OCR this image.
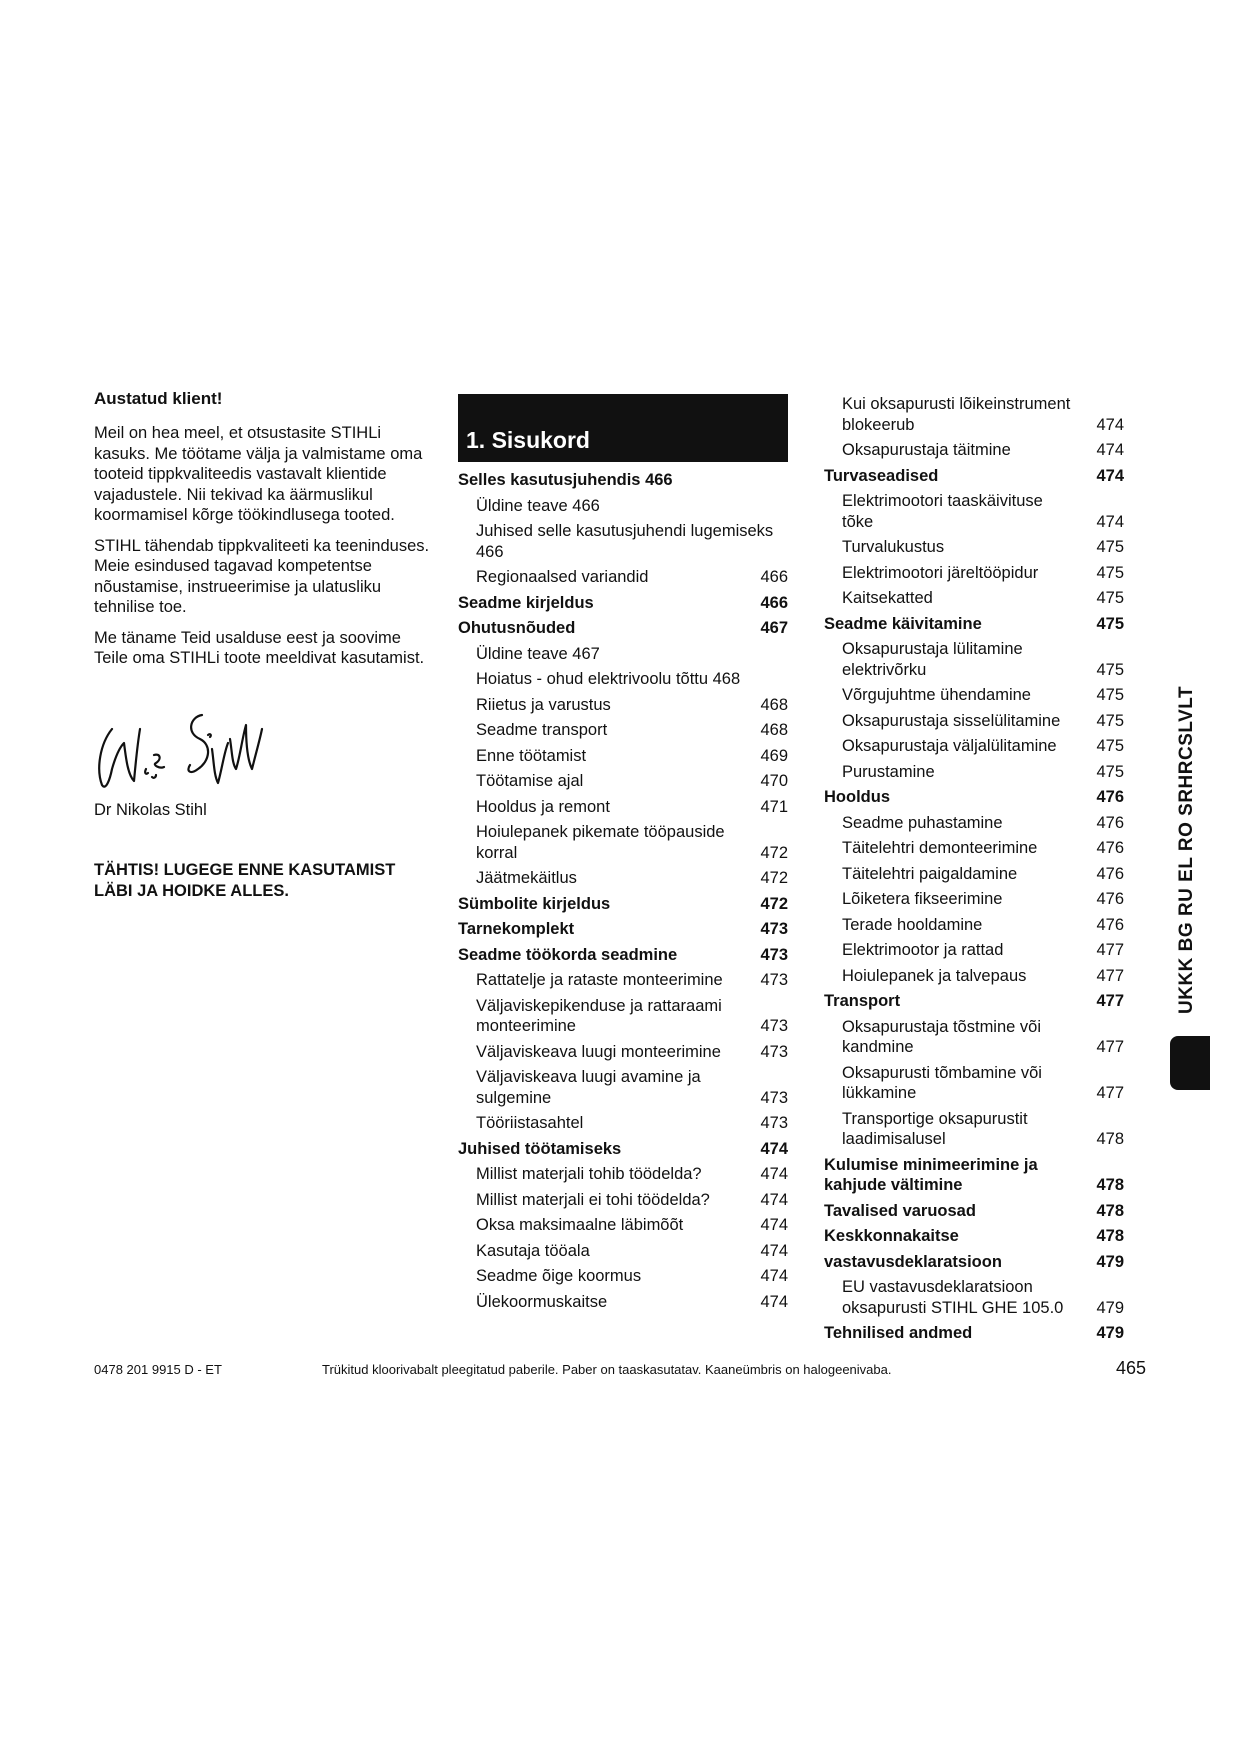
Austatud klient!

Meil on hea meel, et otsustasite STIHLi kasuks. Me töötame välja ja valmistame oma tooteid tippkvaliteedis vastavalt klientide vajadustele. Nii tekivad ka äärmuslikul koormamisel kõrge töökindlusega tooted.

STIHL tähendab tippkvaliteeti ka teeninduses. Meie esindused tagavad kompetentse nõustamise, instrueerimise ja ulatusliku tehnilise toe.

Me täname Teid usalduse eest ja soovime Teile oma STIHLi toote meeldivat kasutamist.

Dr Nikolas Stihl

TÄHTIS! LUGEGE ENNE KASUTAMIST LÄBI JA HOIDKE ALLES.

1. Sisukord
Selles kasutusjuhendis 466
Üldine teave 466
Juhised selle kasutusjuhendi lugemiseks 466
Regionaalsed variandid	466
Seadme kirjeldus	466
Ohutusnõuded	467
Üldine teave 467
Hoiatus - ohud elektrivoolu tõttu 468
Riietus ja varustus	468
Seadme transport	468
Enne töötamist	469
Töötamise ajal	470
Hooldus ja remont	471
Hoiulepanek pikemate tööpauside korral	472
Jäätmekäitlus	472
Sümbolite kirjeldus	472
Tarnekomplekt	473
Seadme töökorda seadmine	473
Rattatelje ja rataste monteerimine	473
Väljaviskepikenduse ja rattaraami monteerimine	473
Väljaviskeava luugi monteerimine	473
Väljaviskeava luugi avamine ja sulgemine	473
Tööriistasahtel	473
Juhised töötamiseks	474
Millist materjali tohib töödelda?	474
Millist materjali ei tohi töödelda?	474
Oksa maksimaalne läbimõõt	474
Kasutaja tööala	474
Seadme õige koormus	474
Ülekoormuskaitse	474
Kui oksapurusti lõikeinstrument blokeerub	474
Oksapurustaja täitmine	474
Turvaseadised	474
Elektrimootori taaskäivituse tõke	474
Turvalukustus	475
Elektrimootori järeltööpidur	475
Kaitsekatted	475
Seadme käivitamine	475
Oksapurustaja lülitamine elektrivõrku	475
Võrgujuhtme ühendamine	475
Oksapurustaja sisselülitamine	475
Oksapurustaja väljalülitamine	475
Purustamine	475
Hooldus	476
Seadme puhastamine	476
Täitelehtri demonteerimine	476
Täitelehtri paigaldamine	476
Lõiketera fikseerimine	476
Terade hooldamine	476
Elektrimootor ja rattad	477
Hoiulepanek ja talvepaus	477
Transport	477
Oksapurustaja tõstmine või kandmine	477
Oksapurusti tõmbamine või lükkamine	477
Transportige oksapurustit laadimisalusel	478
Kulumise minimeerimine ja kahjude vältimine	478
Tavalised varuosad	478
Keskkonnakaitse	478
vastavusdeklaratsioon	479
EU vastavusdeklaratsioon oksapurusti STIHL GHE 105.0	479
Tehnilised andmed	479
UKKK BG RU EL RO SRHRCSLVLT
0478 201 9915 D - ET	Trükitud kloorivabalt pleegitatud paberile. Paber on taaskasutatav. Kaaneümbris on halogeenivaba.	465
